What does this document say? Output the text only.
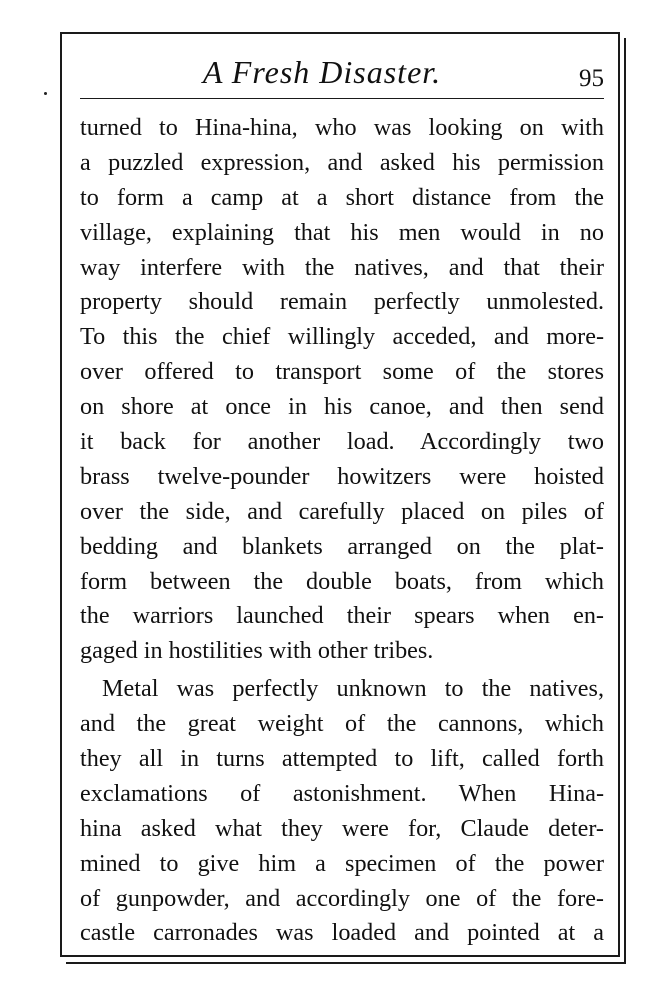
A Fresh Disaster.	95
turned to Hina-hina, who was looking on with
a puzzled expression, and asked his permission
to form a camp at a short distance from the
village, explaining that his men would in no
way interfere with the natives, and that their
property should remain perfectly unmolested.
To this the chief willingly acceded, and more-
over offered to transport some of the stores
on shore at once in his canoe, and then send
it back for another load. Accordingly two
brass twelve-pounder howitzers were hoisted
over the side, and carefully placed on piles of
bedding and blankets arranged on the plat-
form between the double boats, from which
the warriors launched their spears when en-
gaged in hostilities with other tribes.
Metal was perfectly unknown to the natives,
and the great weight of the cannons, which
they all in turns attempted to lift, called forth
exclamations of astonishment. When Hina-
hina asked what they were for, Claude deter-
mined to give him a specimen of the power
of gunpowder, and accordingly one of the fore-
castle carronades was loaded and pointed at a
